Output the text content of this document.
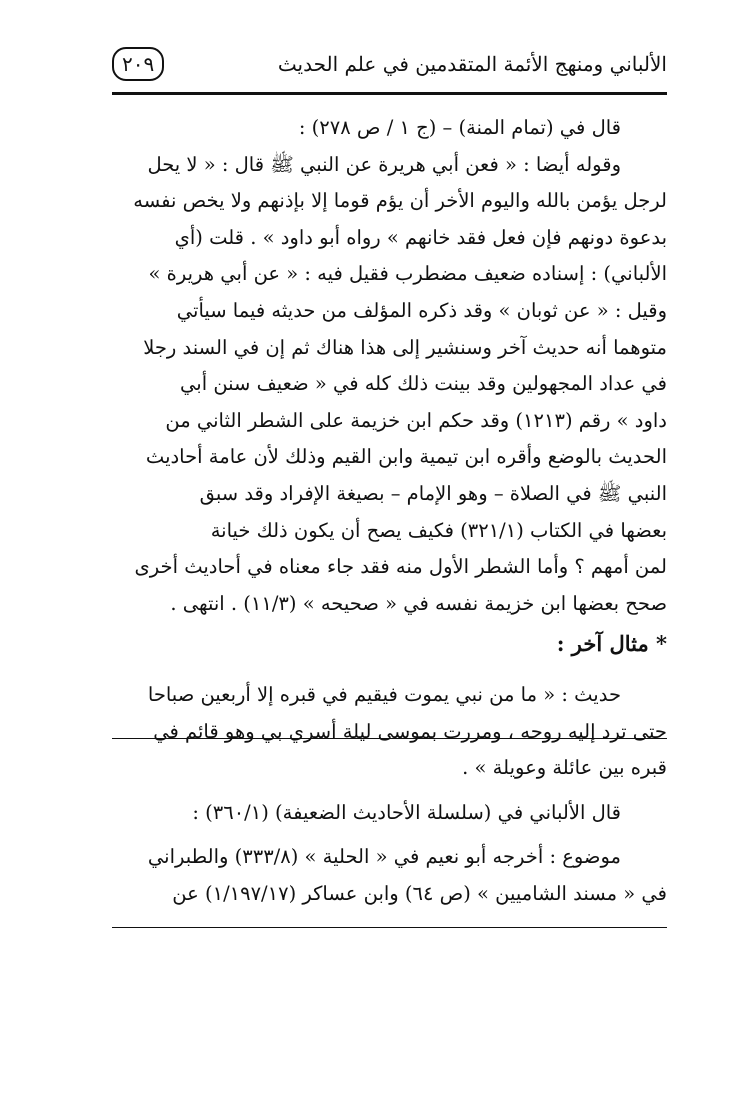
الألباني ومنهج الأئمة المتقدمين في علم الحديث
٢٠٩
قال في (تمام المنة) – (ج ١ / ص ٢٧٨) :
وقوله أيضا : « فعن أبي هريرة عن النبي ﷺ قال : « لا يحل
لرجل يؤمن بالله واليوم الأخر أن يؤم قوما إلا بإذنهم ولا يخص نفسه
بدعوة دونهم فإن فعل فقد خانهم » رواه أبو داود » . قلت (أي
الألباني) : إسناده ضعيف مضطرب فقيل فيه : « عن أبي هريرة »
وقيل : « عن ثوبان » وقد ذكره المؤلف من حديثه فيما سيأتي
متوهما أنه حديث آخر وسنشير إلى هذا هناك ثم إن في السند رجلا
في عداد المجهولين وقد بينت ذلك كله في « ضعيف سنن أبي
داود » رقم (١٢١٣) وقد حكم ابن خزيمة على الشطر الثاني من
الحديث بالوضع وأقره ابن تيمية وابن القيم وذلك لأن عامة أحاديث
النبي ﷺ في الصلاة – وهو الإمام – بصيغة الإفراد وقد سبق
بعضها في الكتاب (٣٢١/١) فكيف يصح أن يكون ذلك خيانة
لمن أمهم ؟ وأما الشطر الأول منه فقد جاء معناه في أحاديث أخرى
صحح بعضها ابن خزيمة نفسه في « صحيحه » (١١/٣) . انتهى .
* مثال آخر :
حديث : « ما من نبي يموت فيقيم في قبره إلا أربعين صباحا
حتى ترد إليه روحه ، ومررت بموسى ليلة أسري بي وهو قائم في
قبره بين عائلة وعويلة » .
قال الألباني في (سلسلة الأحاديث الضعيفة) (٣٦٠/١) :
موضوع : أخرجه أبو نعيم في « الحلية » (٣٣٣/٨) والطبراني
في « مسند الشاميين » (ص ٦٤) وابن عساكر (١/١٩٧/١٧) عن
